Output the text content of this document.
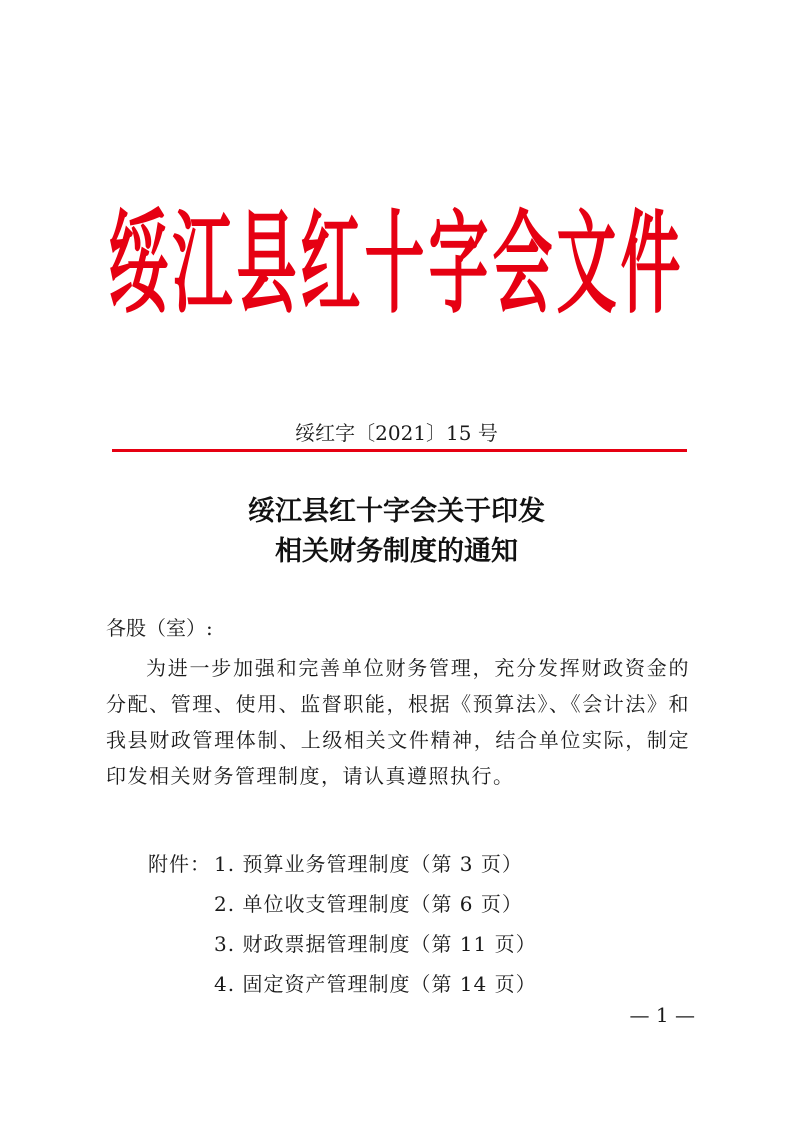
绥江县红十字会文件
绥红字〔2021〕15 号
绥江县红十字会关于印发
相关财务制度的通知
各股（室）:
为进一步加强和完善单位财务管理，充分发挥财政资金的分配、管理、使用、监督职能，根据《预算法》、《会计法》和我县财政管理体制、上级相关文件精神，结合单位实际，制定印发相关财务管理制度，请认真遵照执行。
附件： 1. 预算业务管理制度（第 3 页）
2. 单位收支管理制度（第 6 页）
3. 财政票据管理制度（第 11 页）
4. 固定资产管理制度（第 14 页）
— 1 —
